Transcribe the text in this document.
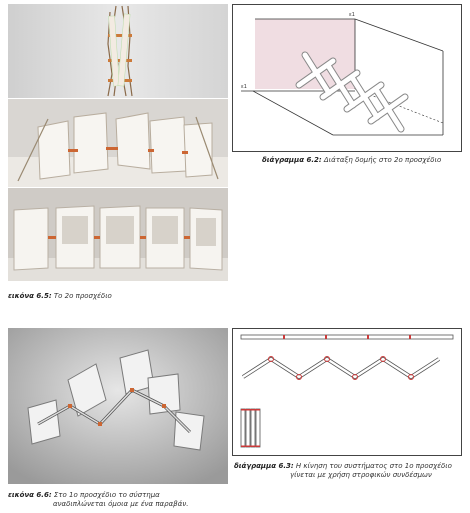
εικόνα 6.5: Το 2ο προσχέδιο
ε1
ε1
διάγραμμα 6.2: Διάταξη δομής στο 2ο προσχέδιο
εικόνα 6.6: Στο 1ο προσχέδιο το σύστημα
αναδιπλώνεται όμοια με ένα παραβάν.
διάγραμμα 6.3: Η κίνηση του συστήματος στο 1ο προσχέδιο
γίνεται με χρήση στροφικών συνδέσμων
